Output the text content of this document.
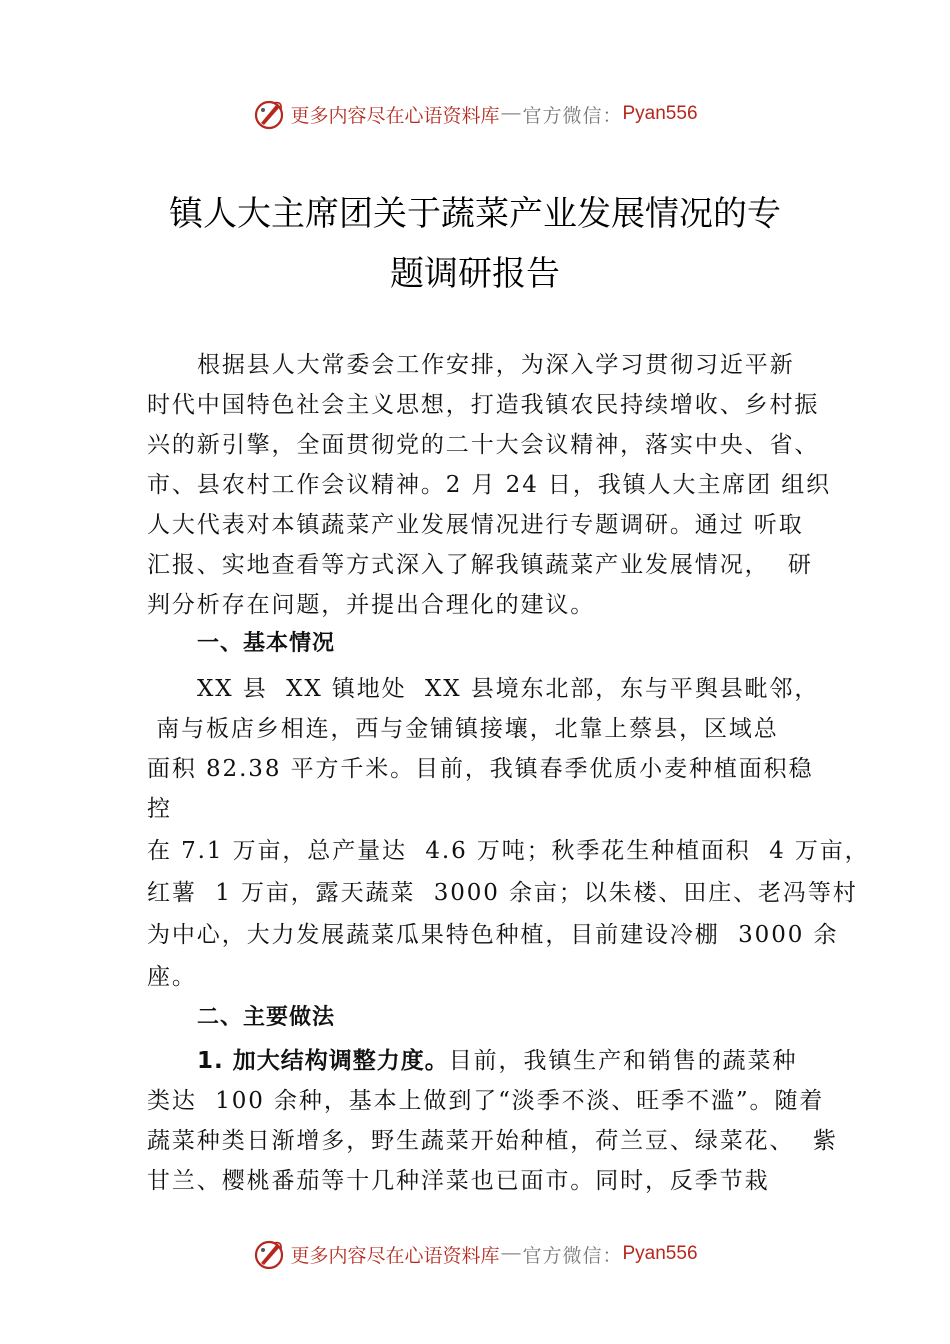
更多内容尽在心语资料库 — 官方微信： Pyan556
镇人大主席团关于蔬菜产业发展情况的专
题调研报告
根据县人大常委会工作安排，为深入学习贯彻习近平新
时代中国特色社会主义思想，打造我镇农民持续增收、乡村振
兴的新引擎，全面贯彻党的二十大会议精神，落实中央、省、
市、县农村工作会议精神。2 月 24 日，我镇人大主席团 组织
人大代表对本镇蔬菜产业发展情况进行专题调研。通过 听取
汇报、实地查看等方式深入了解我镇蔬菜产业发展情况，  研
判分析存在问题，并提出合理化的建议。
一、基本情况
XX 县  XX 镇地处  XX 县境东北部，东与平舆县毗邻，
南与板店乡相连，西与金铺镇接壤，北靠上蔡县，区域总
面积 82.38 平方千米。目前，我镇春季优质小麦种植面积稳
控
在 7.1 万亩，总产量达  4.6 万吨；秋季花生种植面积  4 万亩，
红薯  1 万亩，露天蔬菜  3000 余亩；以朱楼、田庄、老冯等村
为中心，大力发展蔬菜瓜果特色种植，目前建设冷棚  3000 余
座。
二、主要做法
1. 加大结构调整力度。目前，我镇生产和销售的蔬菜种
类达  100 余种，基本上做到了“淡季不淡、旺季不滥”。随着
蔬菜种类日渐增多，野生蔬菜开始种植，荷兰豆、绿菜花、  紫
甘兰、樱桃番茄等十几种洋菜也已面市。同时，反季节栽
更多内容尽在心语资料库 — 官方微信： Pyan556
